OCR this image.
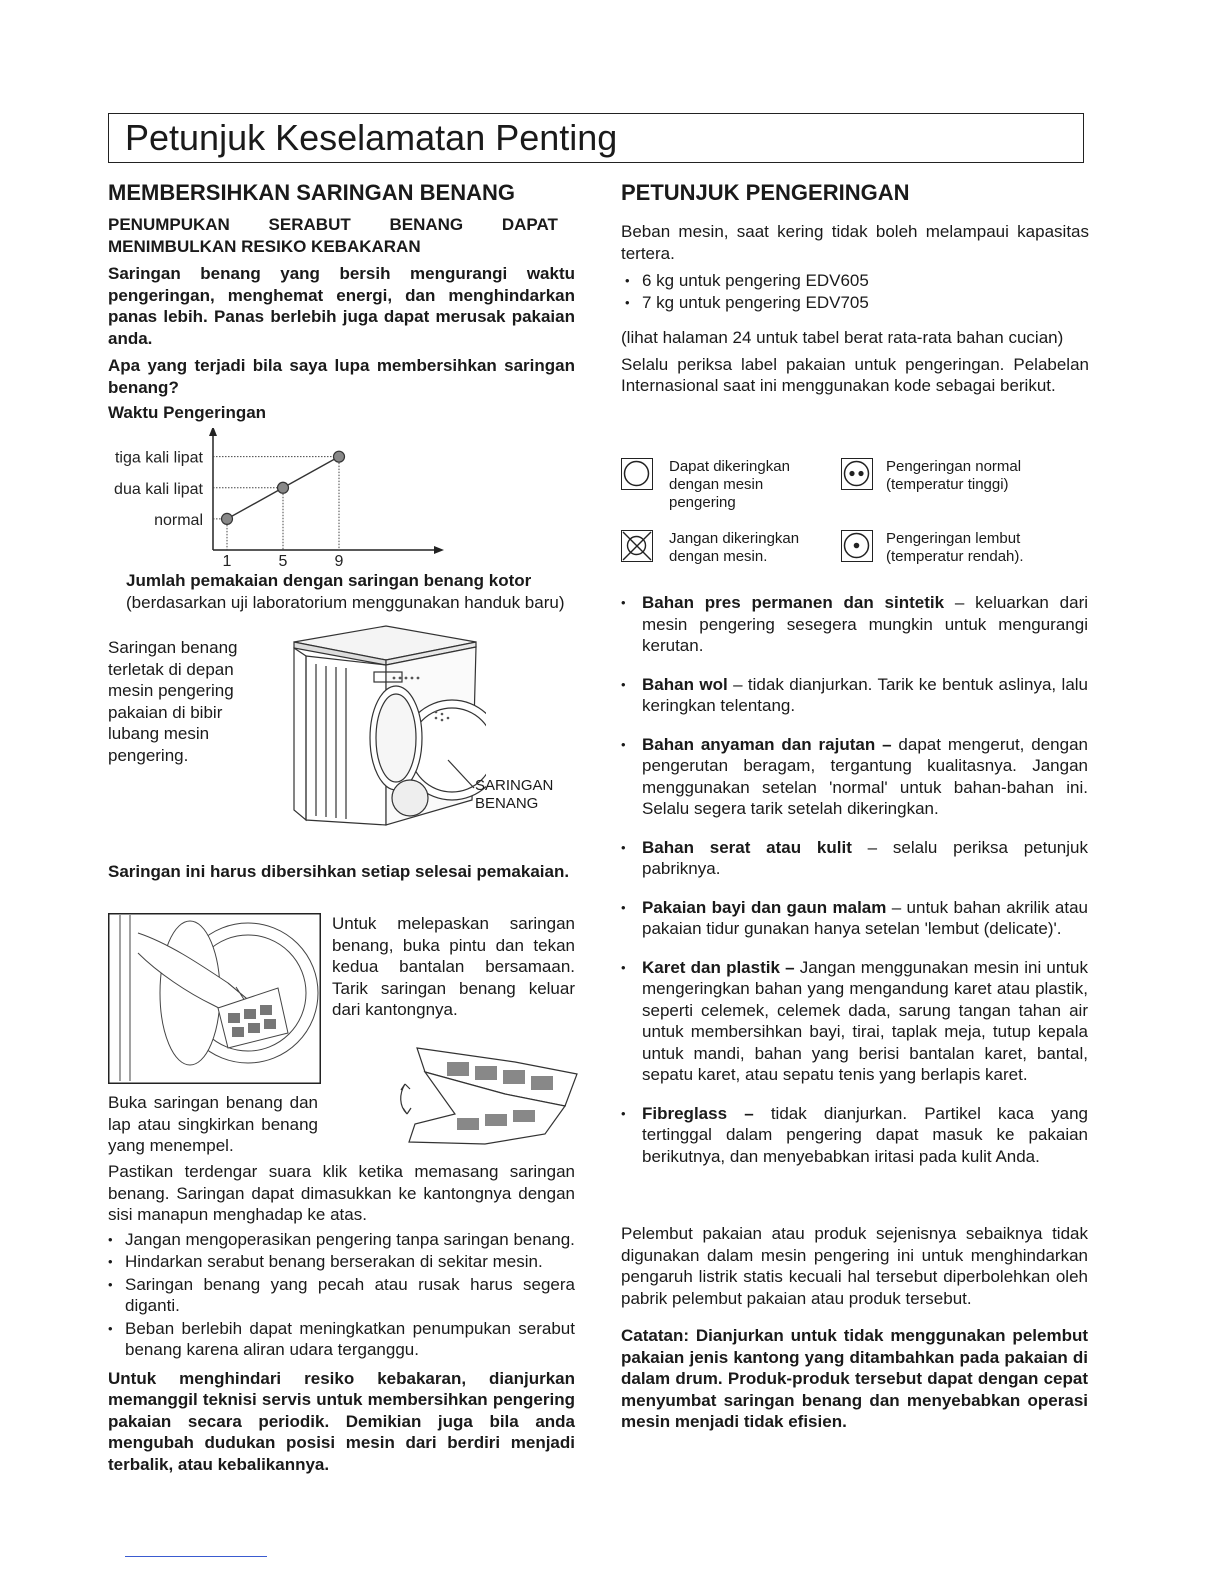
Petunjuk Keselamatan Penting
MEMBERSIHKAN SARINGAN BENANG

PENUMPUKAN SERABUT BENANG DAPAT

MENIMBULKAN RESIKO KEBAKARAN

Saringan benang yang bersih mengurangi waktu pengeringan, menghemat energi, dan menghindarkan panas lebih. Panas berlebih juga dapat merusak pakaian anda.

Apa yang terjadi bila saya lupa membersihkan saringan benang?

Waktu Pengeringan

1	5	9
normal
dua kali lipat
tiga kali lipat

Jumlah pemakaian dengan saringan benang kotor

(berdasarkan uji laboratorium menggunakan handuk baru)

Saringan benang terletak di depan mesin pengering pakaian di bibir lubang mesin pengering.

SARINGAN
BENANG

Saringan ini harus dibersihkan setiap selesai pemakaian.

Untuk melepaskan saringan benang, buka pintu dan tekan kedua bantalan bersamaan. Tarik saringan benang keluar dari kantongnya.

Buka saringan benang dan lap atau singkirkan benang yang menempel.

Pastikan terdengar suara klik ketika memasang saringan benang. Saringan dapat dimasukkan ke kantongnya dengan sisi manapun menghadap ke atas.

• Jangan mengoperasikan pengering tanpa saringan benang.
• Hindarkan serabut benang berserakan di sekitar mesin.
• Saringan benang yang pecah atau rusak harus segera diganti.
• Beban berlebih dapat meningkatkan penumpukan serabut benang karena aliran udara terganggu.

Untuk menghindari resiko kebakaran, dianjurkan memanggil teknisi servis untuk membersihkan pengering pakaian secara periodik. Demikian juga bila anda mengubah dudukan posisi mesin dari berdiri menjadi terbalik, atau kebalikannya.

PETUNJUK PENGERINGAN

Beban mesin, saat kering tidak boleh melampaui kapasitas tertera.

• 6 kg untuk pengering EDV605
• 7 kg untuk pengering EDV705

(lihat halaman 24 untuk tabel berat rata-rata bahan cucian)

Selalu periksa label pakaian untuk pengeringan. Pelabelan Internasional saat ini menggunakan kode sebagai berikut.

Dapat dikeringkan
dengan mesin
pengering
Pengeringan normal
(temperatur tinggi)
Jangan dikeringkan
dengan mesin.
Pengeringan lembut
(temperatur rendah).
• Bahan pres permanen dan sintetik – keluarkan dari mesin pengering sesegera mungkin untuk mengurangi kerutan.
• Bahan wol – tidak dianjurkan. Tarik ke bentuk aslinya, lalu keringkan telentang.
• Bahan anyaman dan rajutan – dapat mengerut, dengan pengerutan beragam, tergantung kualitasnya. Jangan menggunakan setelan 'normal' untuk bahan-bahan ini. Selalu segera tarik setelah dikeringkan.
• Bahan serat atau kulit – selalu periksa petunjuk pabriknya.
• Pakaian bayi dan gaun malam – untuk bahan akrilik atau pakaian tidur gunakan hanya setelan 'lembut (delicate)'.
• Karet dan plastik – Jangan menggunakan mesin ini untuk mengeringkan bahan yang mengandung karet atau plastik, seperti celemek, celemek dada, sarung tangan tahan air untuk membersihkan bayi, tirai, taplak meja, tutup kepala untuk mandi, bahan yang berisi bantalan karet, bantal, sepatu karet, atau sepatu tenis yang berlapis karet.
• Fibreglass – tidak dianjurkan. Partikel kaca yang tertinggal dalam pengering dapat masuk ke pakaian berikutnya, dan menyebabkan iritasi pada kulit Anda.

Pelembut pakaian atau produk sejenisnya sebaiknya tidak digunakan dalam mesin pengering ini untuk menghindarkan pengaruh listrik statis kecuali hal tersebut diperbolehkan oleh pabrik pelembut pakaian atau produk tersebut.

Catatan: Dianjurkan untuk tidak menggunakan pelembut pakaian jenis kantong yang ditambahkan pada pakaian di dalam drum. Produk-produk tersebut dapat dengan cepat menyumbat saringan benang dan menyebabkan operasi mesin menjadi tidak efisien.
